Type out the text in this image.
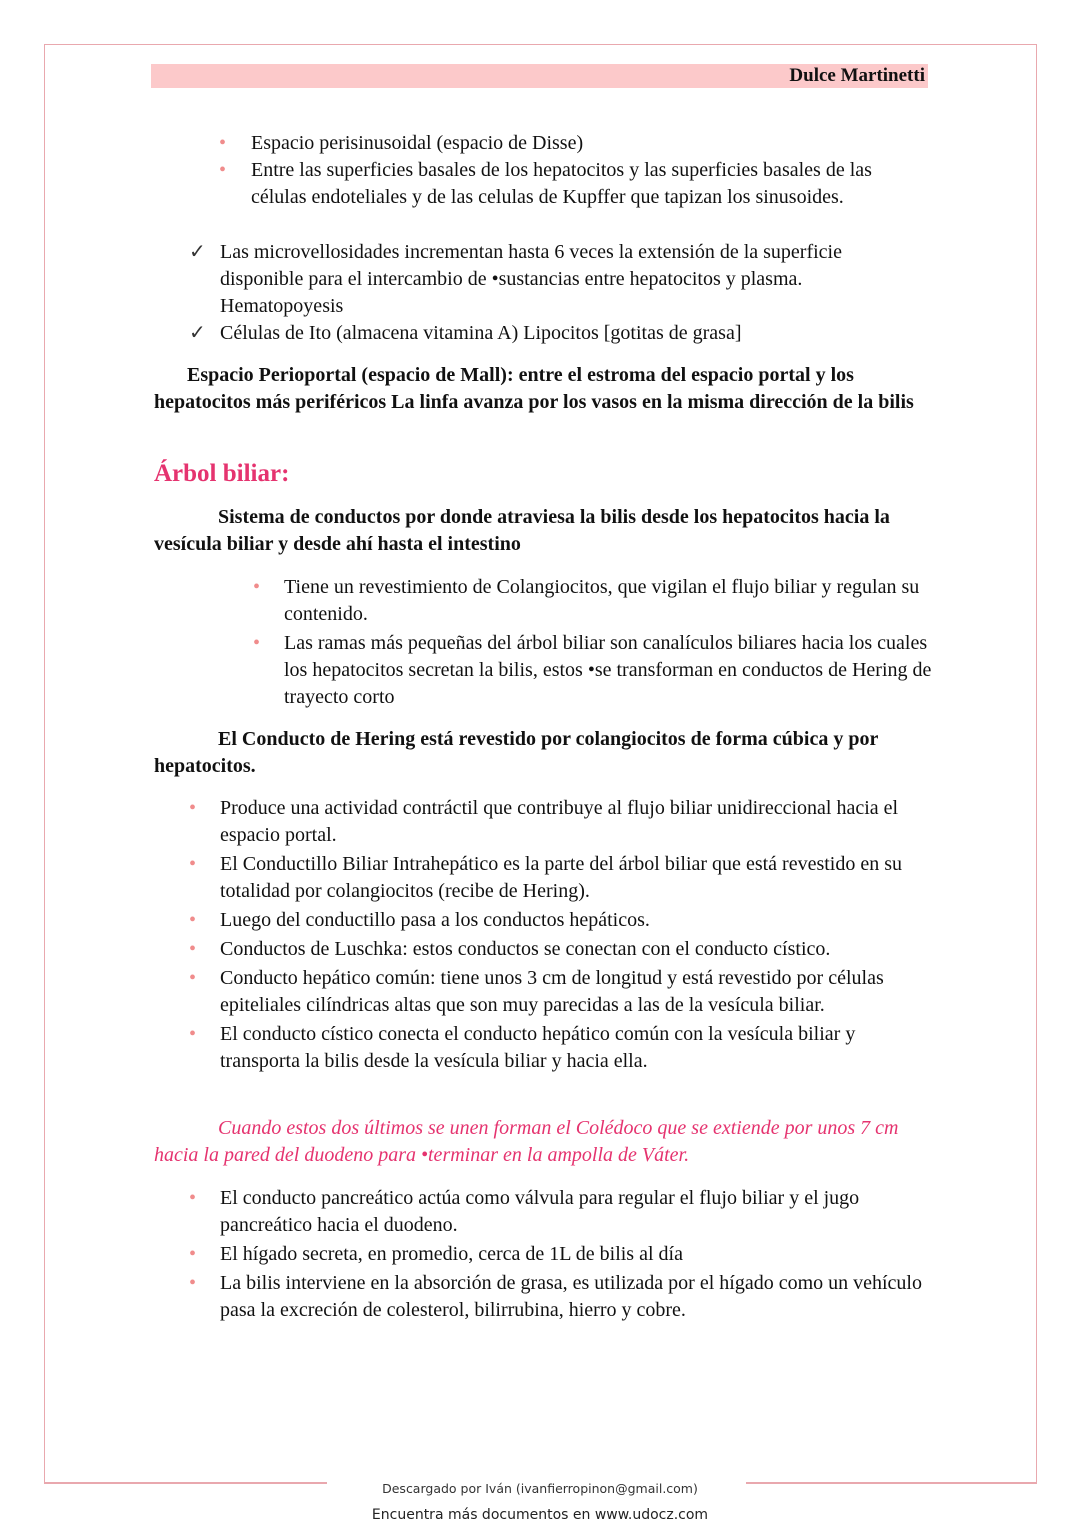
Dulce Martinetti
• Espacio perisinusoidal (espacio de Disse)
• Entre las superficies basales de los hepatocitos y las superficies basales de las células endoteliales y de las celulas de Kupffer que tapizan los sinusoides.
✓ Las microvellosidades incrementan hasta 6 veces la extensión de la superficie disponible para el intercambio de •sustancias entre hepatocitos y plasma. Hematopoyesis
✓ Células de Ito (almacena vitamina A) Lipocitos [gotitas de grasa]
Espacio Perioportal (espacio de Mall): entre el estroma del espacio portal y los hepatocitos más periféricos La linfa avanza por los vasos en la misma dirección de la bilis
Árbol biliar:
Sistema de conductos por donde atraviesa la bilis desde los hepatocitos hacia la vesícula biliar y desde ahí hasta el intestino
• Tiene un revestimiento de Colangiocitos, que vigilan el flujo biliar y regulan su contenido.
• Las ramas más pequeñas del árbol biliar son canalículos biliares hacia los cuales los hepatocitos secretan la bilis, estos •se transforman en conductos de Hering de trayecto corto
El Conducto de Hering está revestido por colangiocitos de forma cúbica y por hepatocitos.
• Produce una actividad contráctil que contribuye al flujo biliar unidireccional hacia el espacio portal.
• El Conductillo Biliar Intrahepático es la parte del árbol biliar que está revestido en su totalidad por colangiocitos (recibe de Hering).
• Luego del conductillo pasa a los conductos hepáticos.
• Conductos de Luschka: estos conductos se conectan con el conducto cístico.
• Conducto hepático común: tiene unos 3 cm de longitud y está revestido por células epiteliales cilíndricas altas que son muy parecidas a las de la vesícula biliar.
• El conducto cístico conecta el conducto hepático común con la vesícula biliar y transporta la bilis desde la vesícula biliar y hacia ella.
Cuando estos dos últimos se unen forman el Colédoco que se extiende por unos 7 cm hacia la pared del duodeno para •terminar en la ampolla de Váter.
• El conducto pancreático actúa como válvula para regular el flujo biliar y el jugo pancreático hacia el duodeno.
• El hígado secreta, en promedio, cerca de 1L de bilis al día
• La bilis interviene en la absorción de grasa, es utilizada por el hígado como un vehículo pasa la excreción de colesterol, bilirrubina, hierro y cobre.
Descargado por Iván (ivanfierropinon@gmail.com)
Encuentra más documentos en www.udocz.com
